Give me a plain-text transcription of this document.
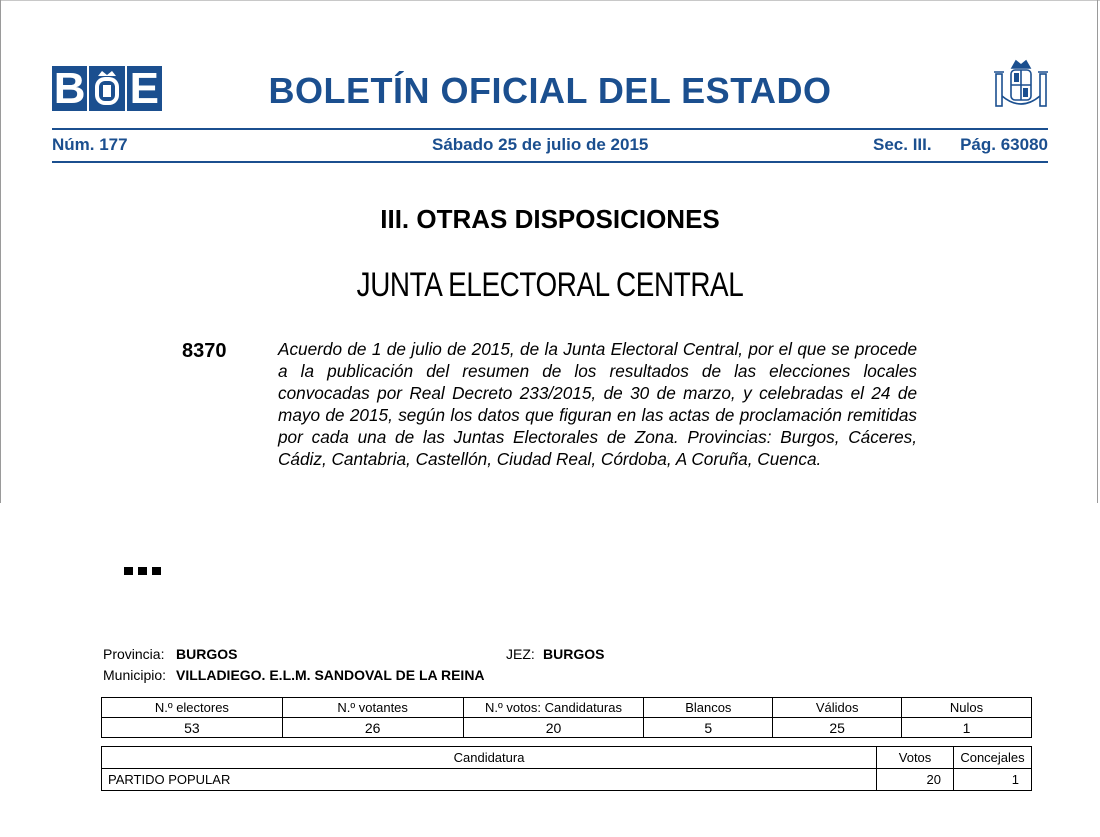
B E	BOLETÍN OFICIAL DEL ESTADO
Núm. 177	Sábado 25 de julio de 2015	Sec. III. Pág. 63080
III. OTRAS DISPOSICIONES
JUNTA ELECTORAL CENTRAL
8370	Acuerdo de 1 de julio de 2015, de la Junta Electoral Central, por el que se procede a la publicación del resumen de los resultados de las elecciones locales convocadas por Real Decreto 233/2015, de 30 de marzo, y celebradas el 24 de mayo de 2015, según los datos que figuran en las actas de proclamación remitidas por cada una de las Juntas Electorales de Zona. Provincias: Burgos, Cáceres, Cádiz, Cantabria, Castellón, Ciudad Real, Córdoba, A Coruña, Cuenca.
Provincia: BURGOS	JEZ: BURGOS
Municipio: VILLADIEGO. E.L.M. SANDOVAL DE LA REINA
N.º electores	N.º votantes	N.º votos: Candidaturas	Blancos	Válidos	Nulos
53	26	20	5	25	1
Candidatura	Votos	Concejales
PARTIDO POPULAR	20	1
